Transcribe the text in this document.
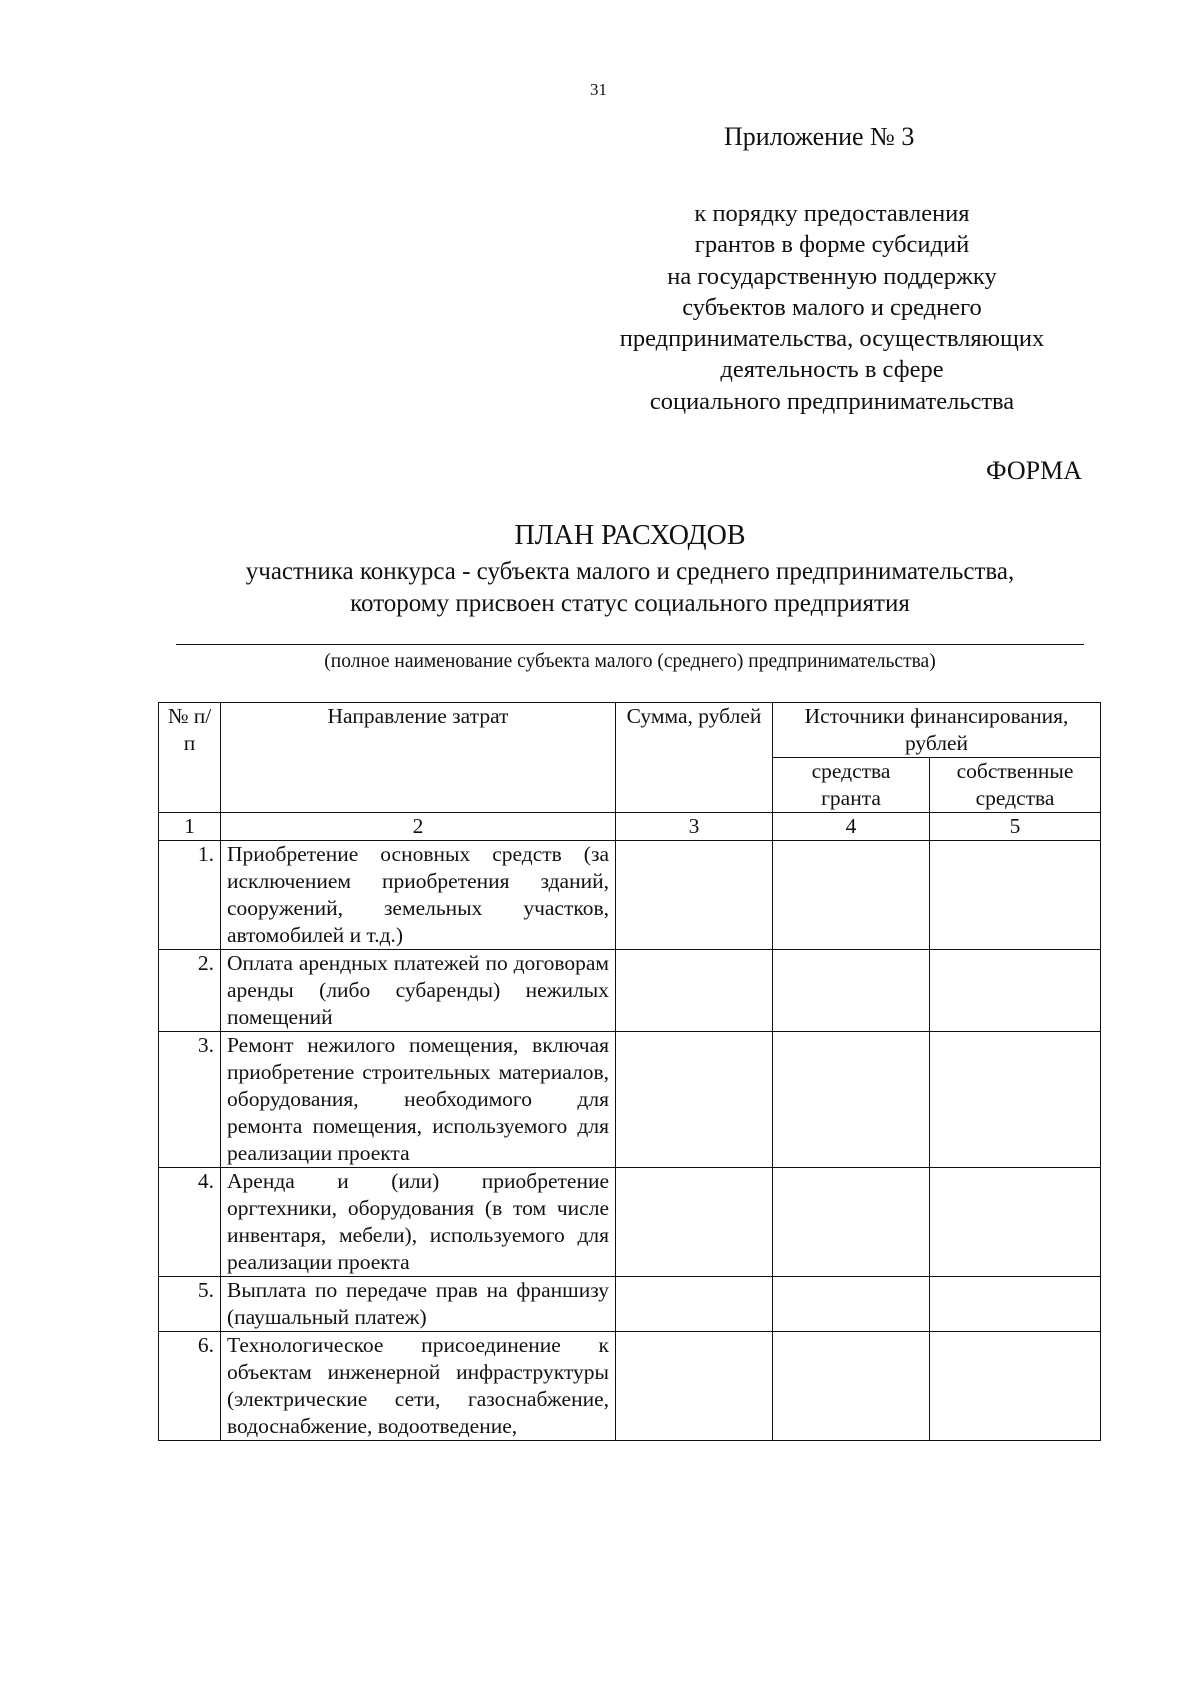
31
Приложение № 3
к порядку предоставления
грантов в форме субсидий
на государственную поддержку
субъектов малого и среднего
предпринимательства, осуществляющих
деятельность в сфере
социального предпринимательства
ФОРМА
ПЛАН РАСХОДОВ
участника конкурса - субъекта малого и среднего предпринимательства,
которому присвоен статус социального предприятия
(полное наименование субъекта малого (среднего) предпринимательства)
№ п/п	Направление затрат	Сумма, рублей	Источники финансирования, рублей	
			средства гранта	собственные средства
1	2	3	4	5
1.	Приобретение основных средств (за исключением приобретения зданий, сооружений, земельных участков, автомобилей и т.д.)			
2.	Оплата арендных платежей по договорам аренды (либо субаренды) нежилых помещений			
3.	Ремонт нежилого помещения, включая приобретение строительных материалов, оборудования, необходимого для ремонта помещения, используемого для реализации проекта			
4.	Аренда и (или) приобретение оргтехники, оборудования (в том числе инвентаря, мебели), используемого для реализации проекта			
5.	Выплата по передаче прав на франшизу (паушальный платеж)			
6.	Технологическое присоединение к объектам инженерной инфраструктуры (электрические сети, газоснабжение, водоснабжение, водоотведение,			
